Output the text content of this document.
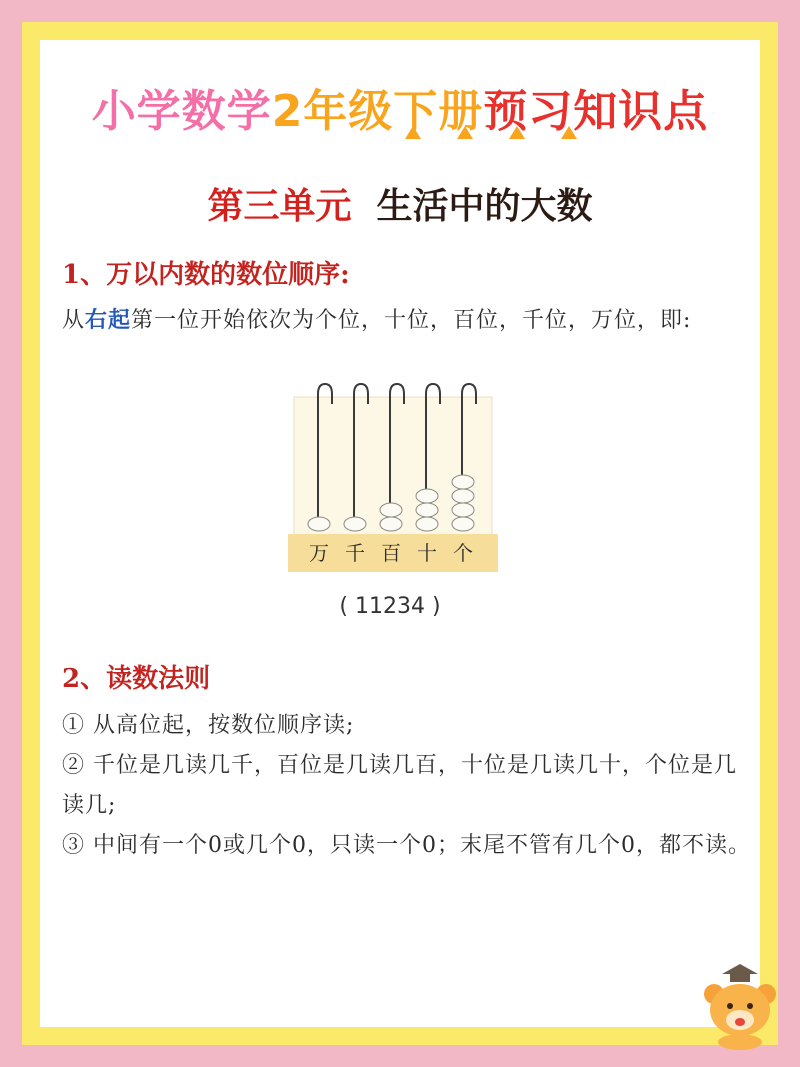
小学数学2年级下册预习知识点
第三单元 生活中的大数
1、万以内数的数位顺序:
从右起第一位开始依次为个位，十位，百位，千位，万位，即:
万 千 百 十 个
( 11234 )
2、读数法则
① 从高位起，按数位顺序读;
② 千位是几读几千，百位是几读几百，十位是几读几十，个位是几读几;
③ 中间有一个0或几个0，只读一个0；末尾不管有几个0，都不读。
